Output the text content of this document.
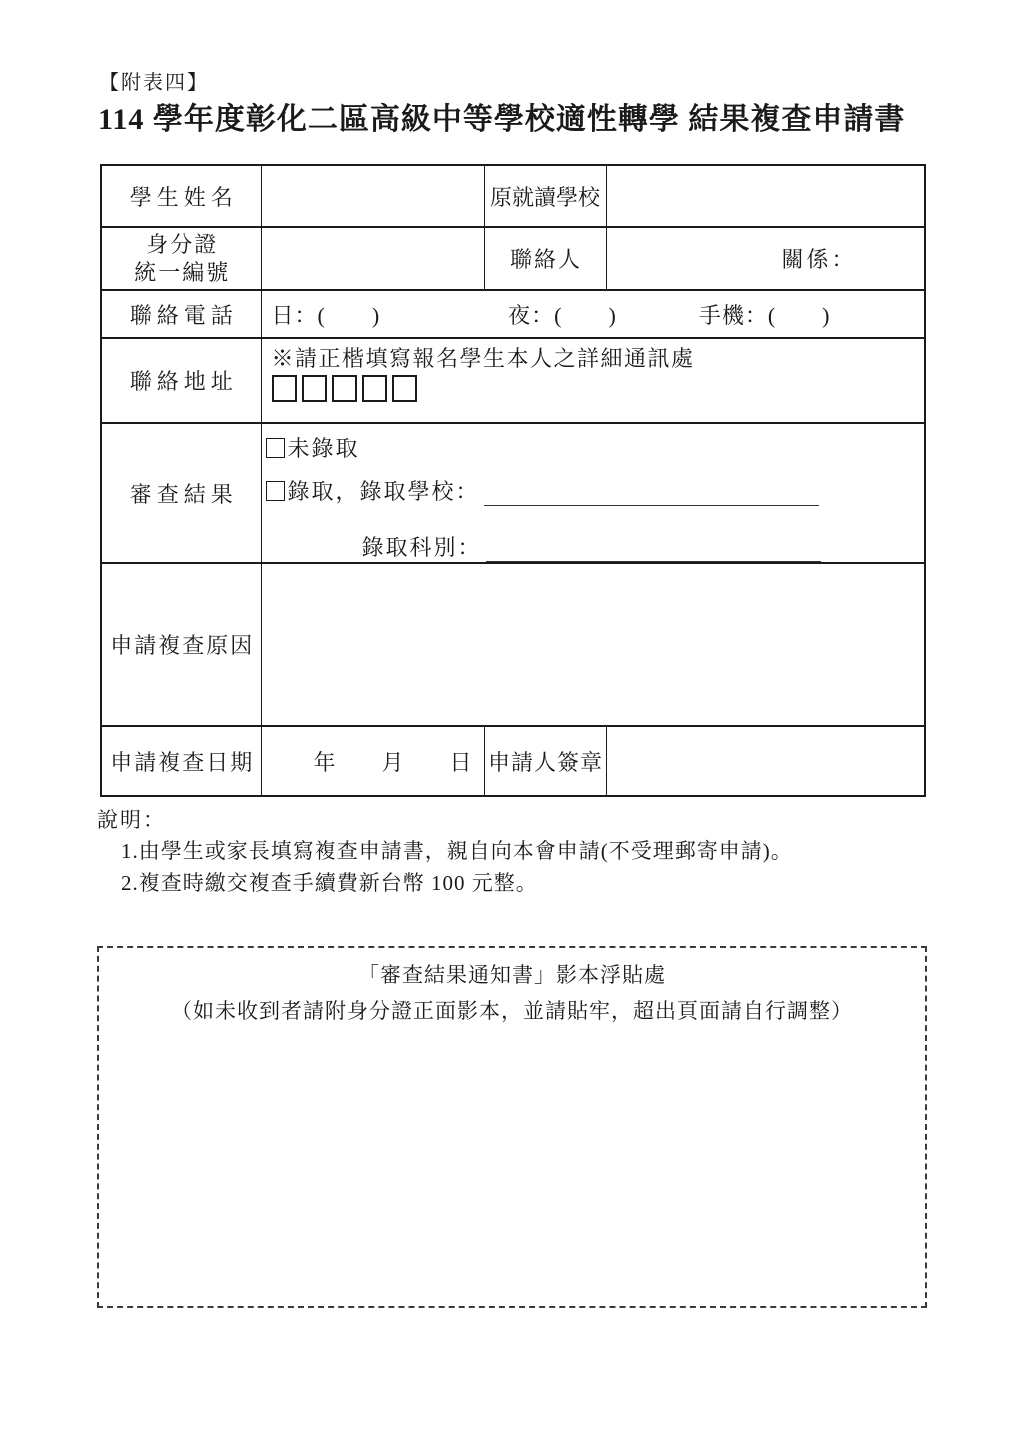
【附表四】
114 學年度彰化二區高級中等學校適性轉學 結果複查申請書
學生姓名		原就讀學校	

身分證
統一編號		聯絡人	關係：
聯絡電話	日：(　　) 夜：(　　) 手機：(　　)		

聯絡地址	※請正楷填寫報名學生本人之詳細通訊處		

審查結果	未錄取
錄取，錄取學校：
錄取科別：		

申請複查原因			
申請複查日期	年 月 日	申請人簽章	
說明：
1.由學生或家長填寫複查申請書，親自向本會申請(不受理郵寄申請)。
2.複查時繳交複查手續費新台幣 100 元整。
「審查結果通知書」影本浮貼處
（如未收到者請附身分證正面影本，並請貼牢，超出頁面請自行調整）
